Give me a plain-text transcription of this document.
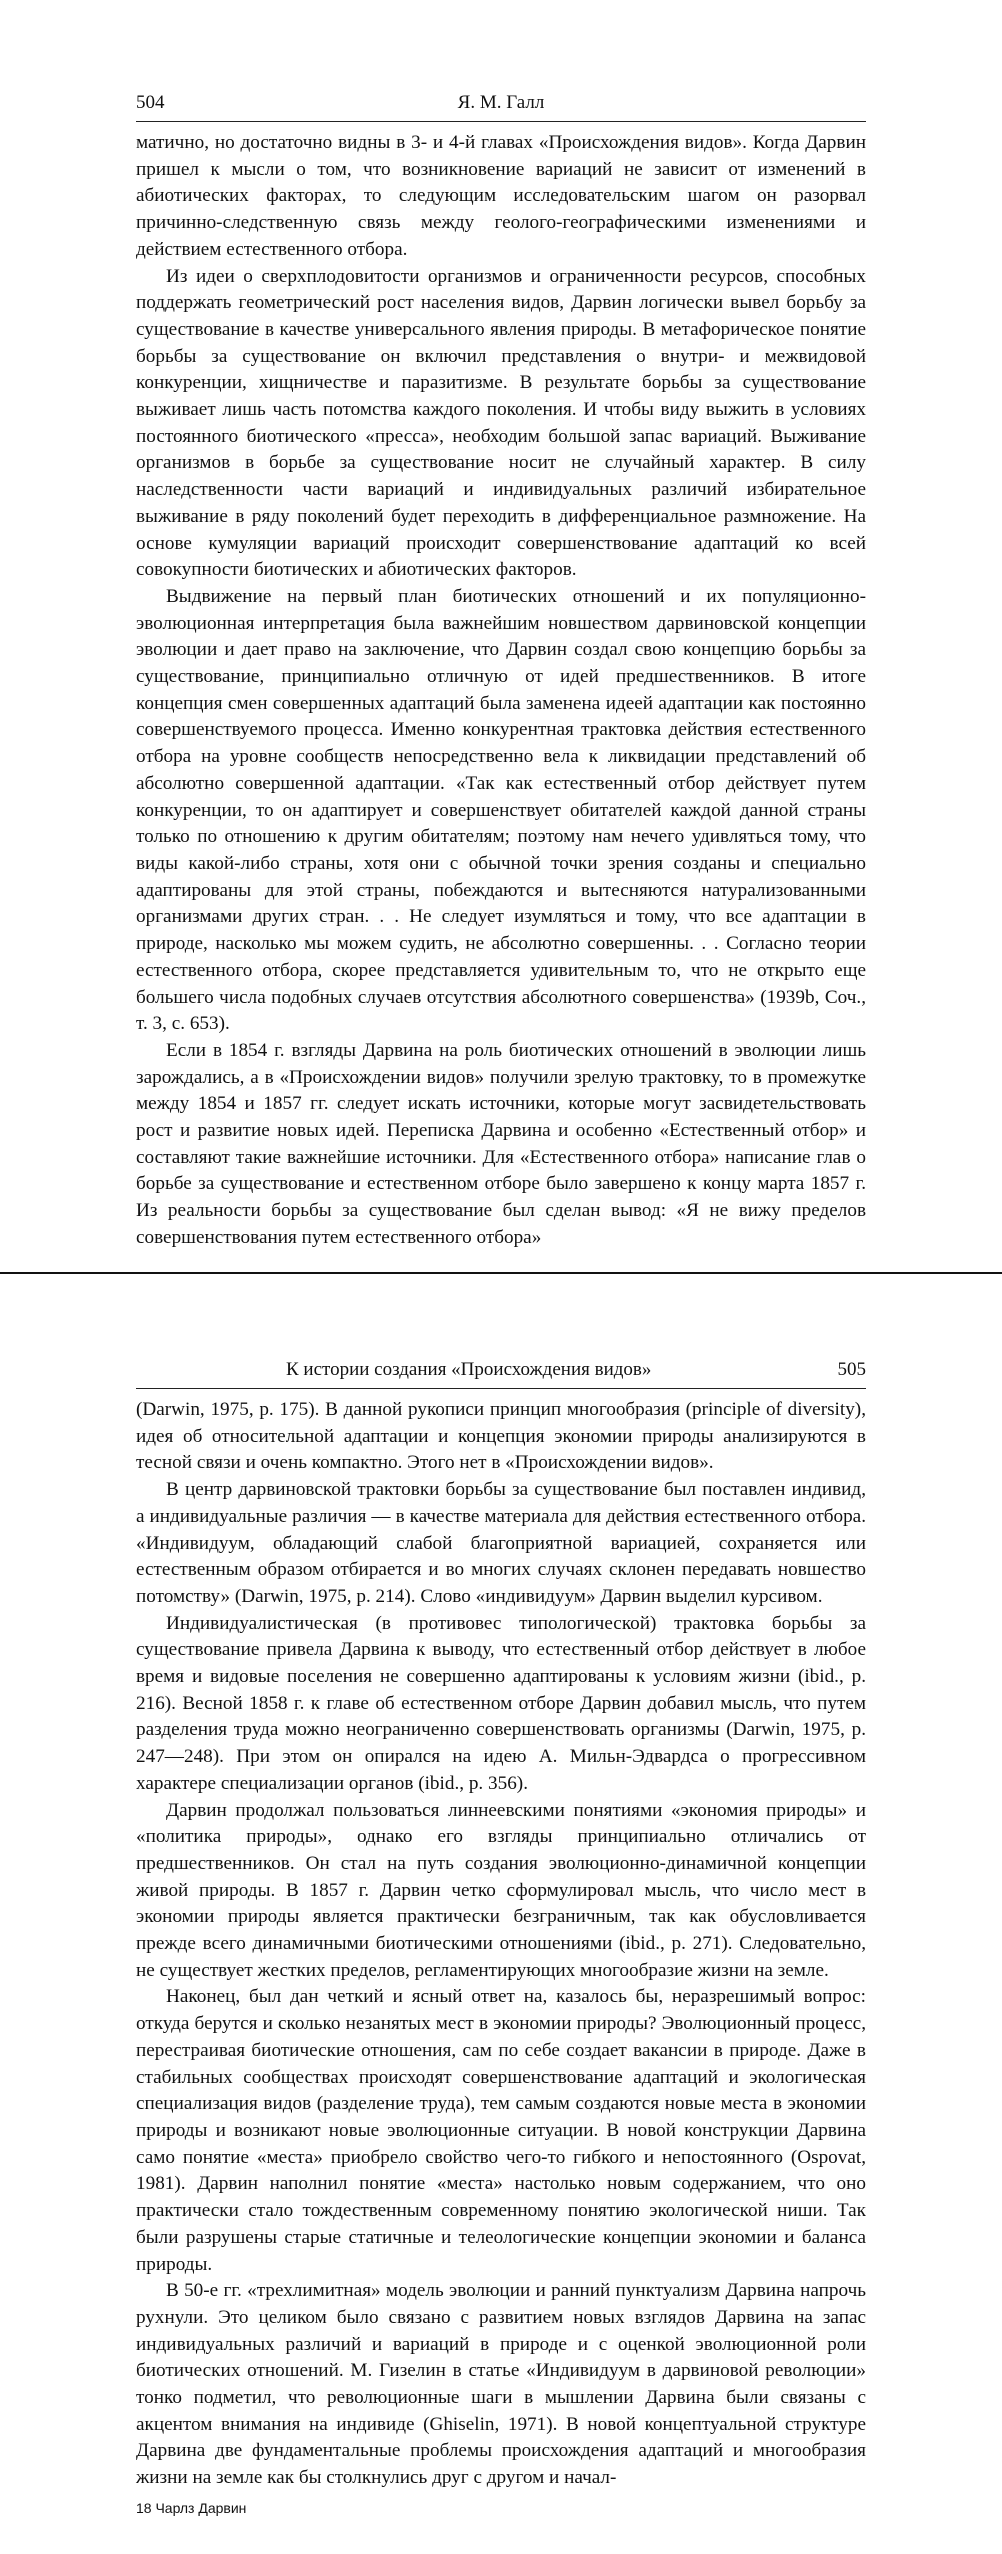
504	Я. М. Галл

матично, но достаточно видны в 3- и 4-й главах «Происхождения видов». Когда Дарвин пришел к мысли о том, что возникновение вариаций не зависит от изменений в абиотических факторах, то следующим исследовательским шагом он разорвал причинно-следственную связь между геолого-географическими изменениями и действием естественного отбора.

Из идеи о сверхплодовитости организмов и ограниченности ресурсов, способных поддержать геометрический рост населения видов, Дарвин логически вывел борьбу за существование в качестве универсального явления природы. В метафорическое понятие борьбы за существование он включил представления о внутри- и межвидовой конкуренции, хищничестве и паразитизме. В результате борьбы за существование выживает лишь часть потомства каждого поколения. И чтобы виду выжить в условиях постоянного биотического «пресса», необходим большой запас вариаций. Выживание организмов в борьбе за существование носит не случайный характер. В силу наследственности части вариаций и индивидуальных различий избирательное выживание в ряду поколений будет переходить в дифференциальное размножение. На основе кумуляции вариаций происходит совершенствование адаптаций ко всей совокупности биотических и абиотических факторов.

Выдвижение на первый план биотических отношений и их популяционно-эволюционная интерпретация была важнейшим новшеством дарвиновской концепции эволюции и дает право на заключение, что Дарвин создал свою концепцию борьбы за существование, принципиально отличную от идей предшественников. В итоге концепция смен совершенных адаптаций была заменена идеей адаптации как постоянно совершенствуемого процесса. Именно конкурентная трактовка действия естественного отбора на уровне сообществ непосредственно вела к ликвидации представлений об абсолютно совершенной адаптации. «Так как естественный отбор действует путем конкуренции, то он адаптирует и совершенствует обитателей каждой данной страны только по отношению к другим обитателям; поэтому нам нечего удивляться тому, что виды какой-либо страны, хотя они с обычной точки зрения созданы и специально адаптированы для этой страны, побеждаются и вытесняются натурализованными организмами других стран. . . Не следует изумляться и тому, что все адаптации в природе, насколько мы можем судить, не абсолютно совершенны. . . Согласно теории естественного отбора, скорее представляется удивительным то, что не открыто еще большего числа подобных случаев отсутствия абсолютного совершенства» (1939b, Соч., т. 3, с. 653).

Если в 1854 г. взгляды Дарвина на роль биотических отношений в эволюции лишь зарождались, а в «Происхождении видов» получили зрелую трактовку, то в промежутке между 1854 и 1857 гг. следует искать источники, которые могут засвидетельствовать рост и развитие новых идей. Переписка Дарвина и особенно «Естественный отбор» и составляют такие важнейшие источники. Для «Естественного отбора» написание глав о борьбе за существование и естественном отборе было завершено к концу марта 1857 г. Из реальности борьбы за существование был сделан вывод: «Я не вижу пределов совершенствования путем естественного отбора»

К истории создания «Происхождения видов»	505

(Darwin, 1975, p. 175). В данной рукописи принцип многообразия (principle of diversity), идея об относительной адаптации и концепция экономии природы анализируются в тесной связи и очень компактно. Этого нет в «Происхождении видов».

В центр дарвиновской трактовки борьбы за существование был поставлен индивид, а индивидуальные различия — в качестве материала для действия естественного отбора. «Индивидуум, обладающий слабой благоприятной вариацией, сохраняется или естественным образом отбирается и во многих случаях склонен передавать новшество потомству» (Darwin, 1975, p. 214). Слово «индивидуум» Дарвин выделил курсивом.

Индивидуалистическая (в противовес типологической) трактовка борьбы за существование привела Дарвина к выводу, что естественный отбор действует в любое время и видовые поселения не совершенно адаптированы к условиям жизни (ibid., p. 216). Весной 1858 г. к главе об естественном отборе Дарвин добавил мысль, что путем разделения труда можно неограниченно совершенствовать организмы (Darwin, 1975, p. 247—248). При этом он опирался на идею А. Мильн-Эдвардса о прогрессивном характере специализации органов (ibid., p. 356).

Дарвин продолжал пользоваться линнеевскими понятиями «экономия природы» и «политика природы», однако его взгляды принципиально отличались от предшественников. Он стал на путь создания эволюционно-динамичной концепции живой природы. В 1857 г. Дарвин четко сформулировал мысль, что число мест в экономии природы является практически безграничным, так как обусловливается прежде всего динамичными биотическими отношениями (ibid., p. 271). Следовательно, не существует жестких пределов, регламентирующих многообразие жизни на земле.

Наконец, был дан четкий и ясный ответ на, казалось бы, неразрешимый вопрос: откуда берутся и сколько незанятых мест в экономии природы? Эволюционный процесс, перестраивая биотические отношения, сам по себе создает вакансии в природе. Даже в стабильных сообществах происходят совершенствование адаптаций и экологическая специализация видов (разделение труда), тем самым создаются новые места в экономии природы и возникают новые эволюционные ситуации. В новой конструкции Дарвина само понятие «места» приобрело свойство чего-то гибкого и непостоянного (Ospovat, 1981). Дарвин наполнил понятие «места» настолько новым содержанием, что оно практически стало тождественным современному понятию экологической ниши. Так были разрушены старые статичные и телеологические концепции экономии и баланса природы.

В 50-е гг. «трехлимитная» модель эволюции и ранний пунктуализм Дарвина напрочь рухнули. Это целиком было связано с развитием новых взглядов Дарвина на запас индивидуальных различий и вариаций в природе и с оценкой эволюционной роли биотических отношений. М. Гизелин в статье «Индивидуум в дарвиновой революции» тонко подметил, что революционные шаги в мышлении Дарвина были связаны с акцентом внимания на индивиде (Ghiselin, 1971). В новой концептуальной структуре Дарвина две фундаментальные проблемы происхождения адаптаций и многообразия жизни на земле как бы столкнулись друг с другом и начал-

18 Чарлз Дарвин
